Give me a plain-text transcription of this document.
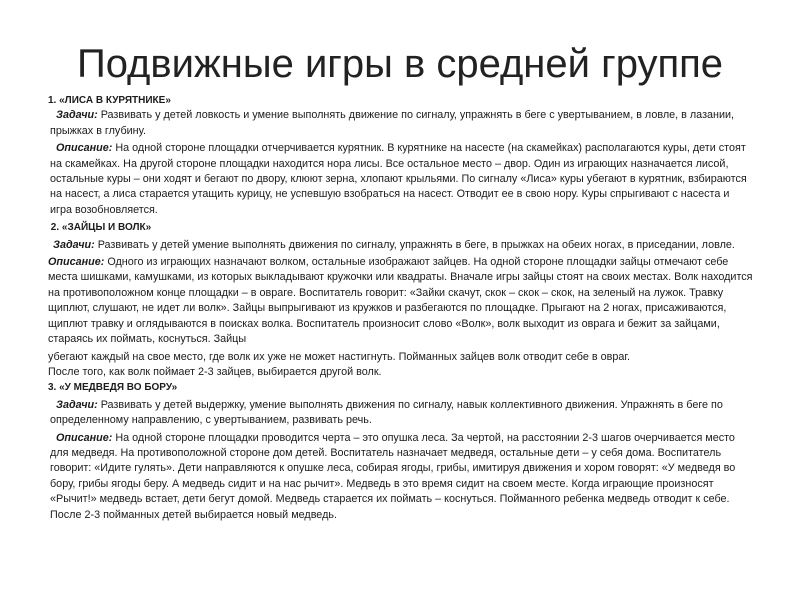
Подвижные игры в средней группе

1. «ЛИСА В КУРЯТНИКЕ»

Задачи: Развивать у детей ловкость и умение выполнять движение по сигналу, упражнять в беге с увертыванием, в ловле, в лазании, прыжках в глубину.

Описание: На одной стороне площадки отчерчивается курятник. В курятнике на насесте (на скамейках) располагаются куры, дети стоят на скамейках. На другой стороне площадки находится нора лисы. Все остальное место – двор. Один из играющих назначается лисой, остальные куры – они ходят и бегают по двору, клюют зерна, хлопают крыльями. По сигналу «Лиса» куры убегают в курятник, взбираются на насест, а лиса старается утащить курицу, не успевшую взобраться на насест. Отводит ее в свою нору. Куры спрыгивают с насеста и игра возобновляется.

2. «ЗАЙЦЫ И ВОЛК»

Задачи: Развивать у детей умение выполнять движения по сигналу, упражнять в беге, в прыжках на обеих ногах, в приседании, ловле.

Описание: Одного из играющих назначают волком, остальные изображают зайцев. На одной стороне площадки зайцы отмечают себе места шишками, камушками, из которых выкладывают кружочки или квадраты. Вначале игры зайцы стоят на своих местах. Волк находится на противоположном конце площадки – в овраге. Воспитатель говорит: «Зайки скачут, скок – скок – скок, на зеленый на лужок. Травку щиплют, слушают, не идет ли волк». Зайцы выпрыгивают из кружков и разбегаются по площадке. Прыгают на 2 ногах, присаживаются, щиплют травку и оглядываются в поисках волка. Воспитатель произносит слово «Волк», волк выходит из оврага и бежит за зайцами, стараясь их поймать, коснуться. Зайцы

убегают каждый на свое место, где волк их уже не может настигнуть. Пойманных зайцев волк отводит себе в овраг.

После того, как волк поймает 2-3 зайцев, выбирается другой волк.

3. «У МЕДВЕДЯ ВО БОРУ»

Задачи: Развивать у детей выдержку, умение выполнять движения по сигналу, навык коллективного движения. Упражнять в беге по определенному направлению, с увертыванием, развивать речь.

Описание: На одной стороне площадки проводится черта – это опушка леса. За чертой, на расстоянии 2-3 шагов очерчивается место для медведя. На противоположной стороне дом детей. Воспитатель назначает медведя, остальные дети – у себя дома. Воспитатель говорит: «Идите гулять». Дети направляются к опушке леса, собирая ягоды, грибы, имитируя движения и хором говорят: «У медведя во бору, грибы ягоды беру. А медведь сидит и на нас рычит». Медведь в это время сидит на своем месте. Когда играющие произносят «Рычит!» медведь встает, дети бегут домой. Медведь старается их поймать – коснуться. Пойманного ребенка медведь отводит к себе. После 2-3 пойманных детей выбирается новый медведь.
